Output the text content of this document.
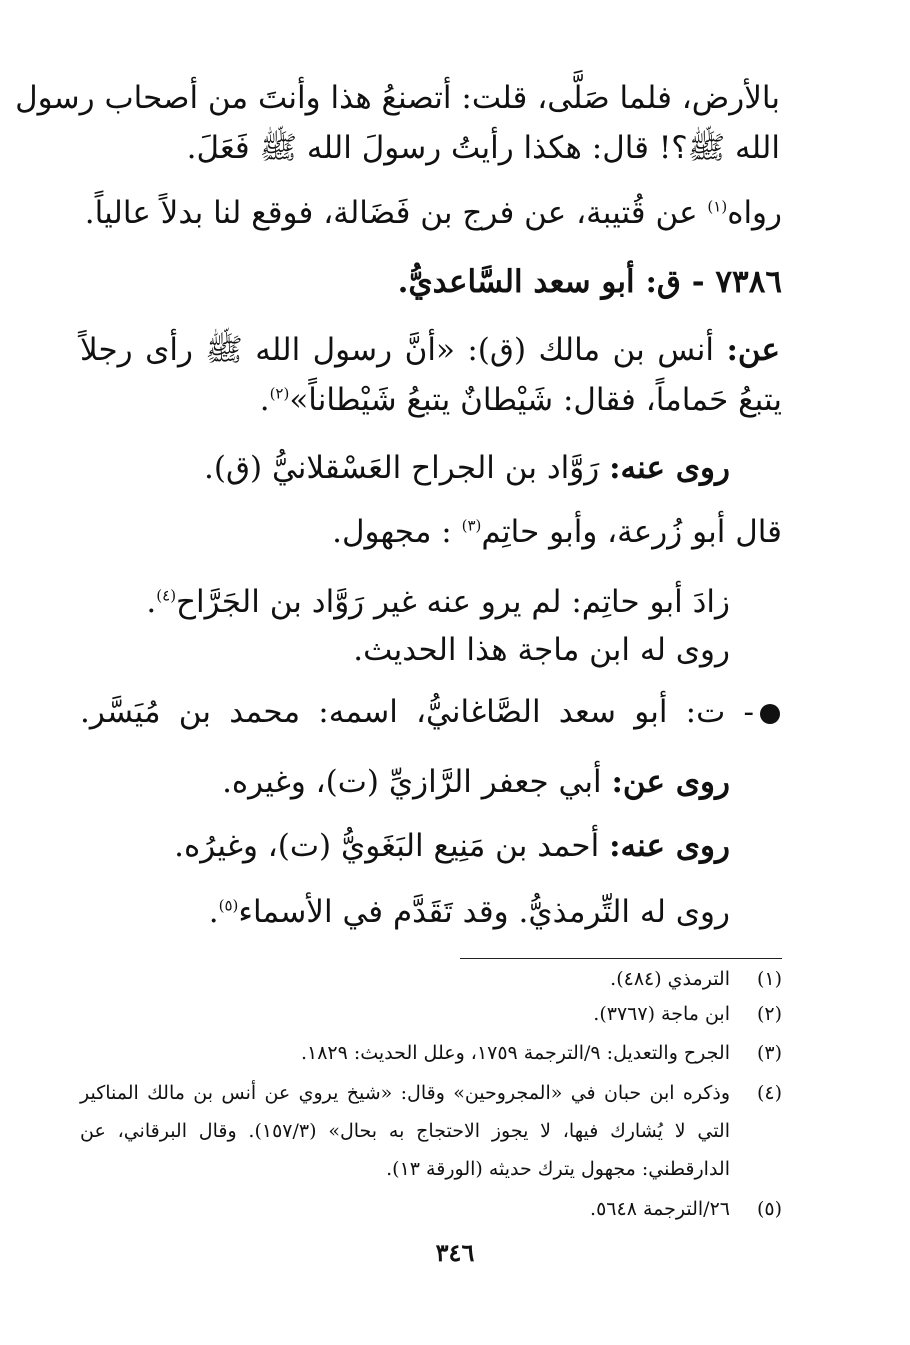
بالأرض، فلما صَلَّى، قلت: أتصنعُ هذا وأنتَ من أصحاب رسول
الله ﷺ؟! قال: هكذا رأيتُ رسولَ الله ﷺ فَعَلَ.
رواه$^{(١)}$ عن قُتيبة، عن فرج بن فَضَالة، فوقع لنا بدلاً عالياً.
٧٣٨٦ - ق: أبو سعد السَّاعديُّ.
عن: أنس بن مالك (ق): «أنَّ رسول الله ﷺ رأى رجلاً
يتبعُ حَماماً، فقال: شَيْطانٌ يتبعُ شَيْطاناً»$^{(٢)}$.
روى عنه: رَوَّاد بن الجراح العَسْقلانيُّ (ق).
قال أبو زُرعة، وأبو حاتِم$^{(٣)}$ : مجهول.
زادَ أبو حاتِم: لم يرو عنه غير رَوَّاد بن الجَرَّاح$^{(٤)}$.
روى له ابن ماجة هذا الحديث.
- ت: أبو سعد الصَّاغانيُّ، اسمه: محمد بن مُيَسَّر.
روى عن: أبي جعفر الرَّازيِّ (ت)، وغيره.
روى عنه: أحمد بن مَنِيع البَغَويُّ (ت)، وغيرُه.
روى له التِّرمذيُّ. وقد تَقَدَّم في الأسماء$^{(٥)}$.
(١)
الترمذي (٤٨٤).
(٢)
ابن ماجة (٣٧٦٧).
(٣)
الجرح والتعديل: ٩/الترجمة ١٧٥٩، وعلل الحديث: ١٨٢٩.
(٤)
وذكره ابن حبان في «المجروحين» وقال: «شيخ يروي عن أنس بن مالك المناكير
التي لا يُشارك فيها، لا يجوز الاحتجاج به بحال» (١٥٧/٣). وقال البرقاني، عن
الدارقطني: مجهول يترك حديثه (الورقة ١٣).
(٥)
٢٦/الترجمة ٥٦٤٨.
٣٤٦
